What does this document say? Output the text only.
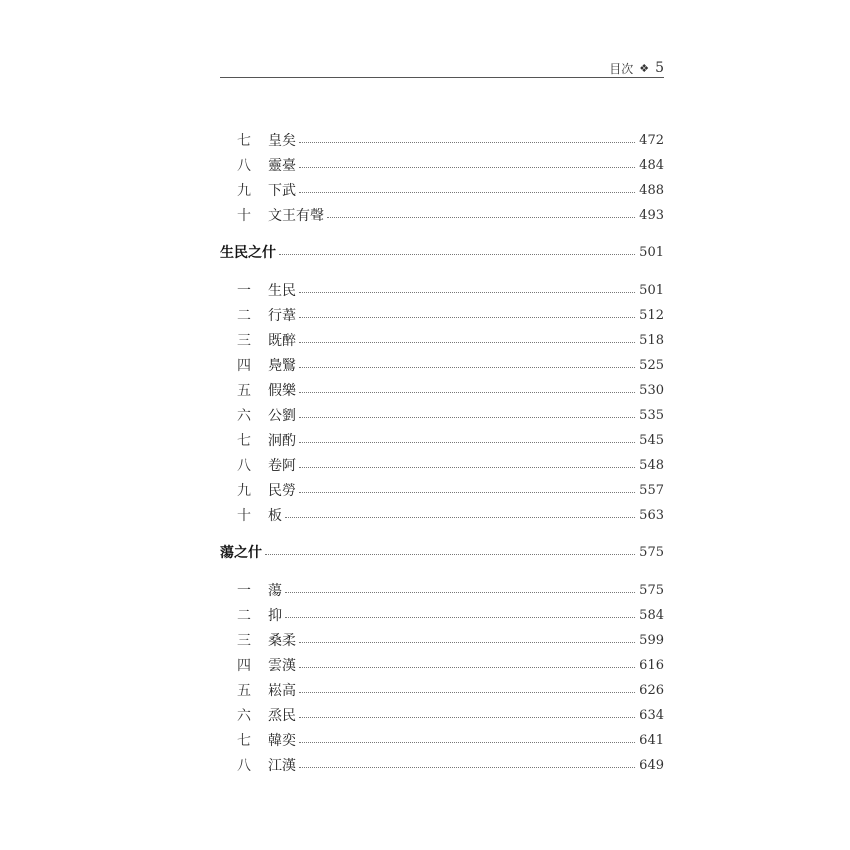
目次 ❖ 5
七	皇矣	472
八	靈臺	484
九	下武	488
十	文王有聲	493
生民之什	501
一	生民	501
二	行葦	512
三	既醉	518
四	鳧鷖	525
五	假樂	530
六	公劉	535
七	泂酌	545
八	卷阿	548
九	民勞	557
十	板	563
蕩之什	575
一	蕩	575
二	抑	584
三	桑柔	599
四	雲漢	616
五	崧高	626
六	烝民	634
七	韓奕	641
八	江漢	649
